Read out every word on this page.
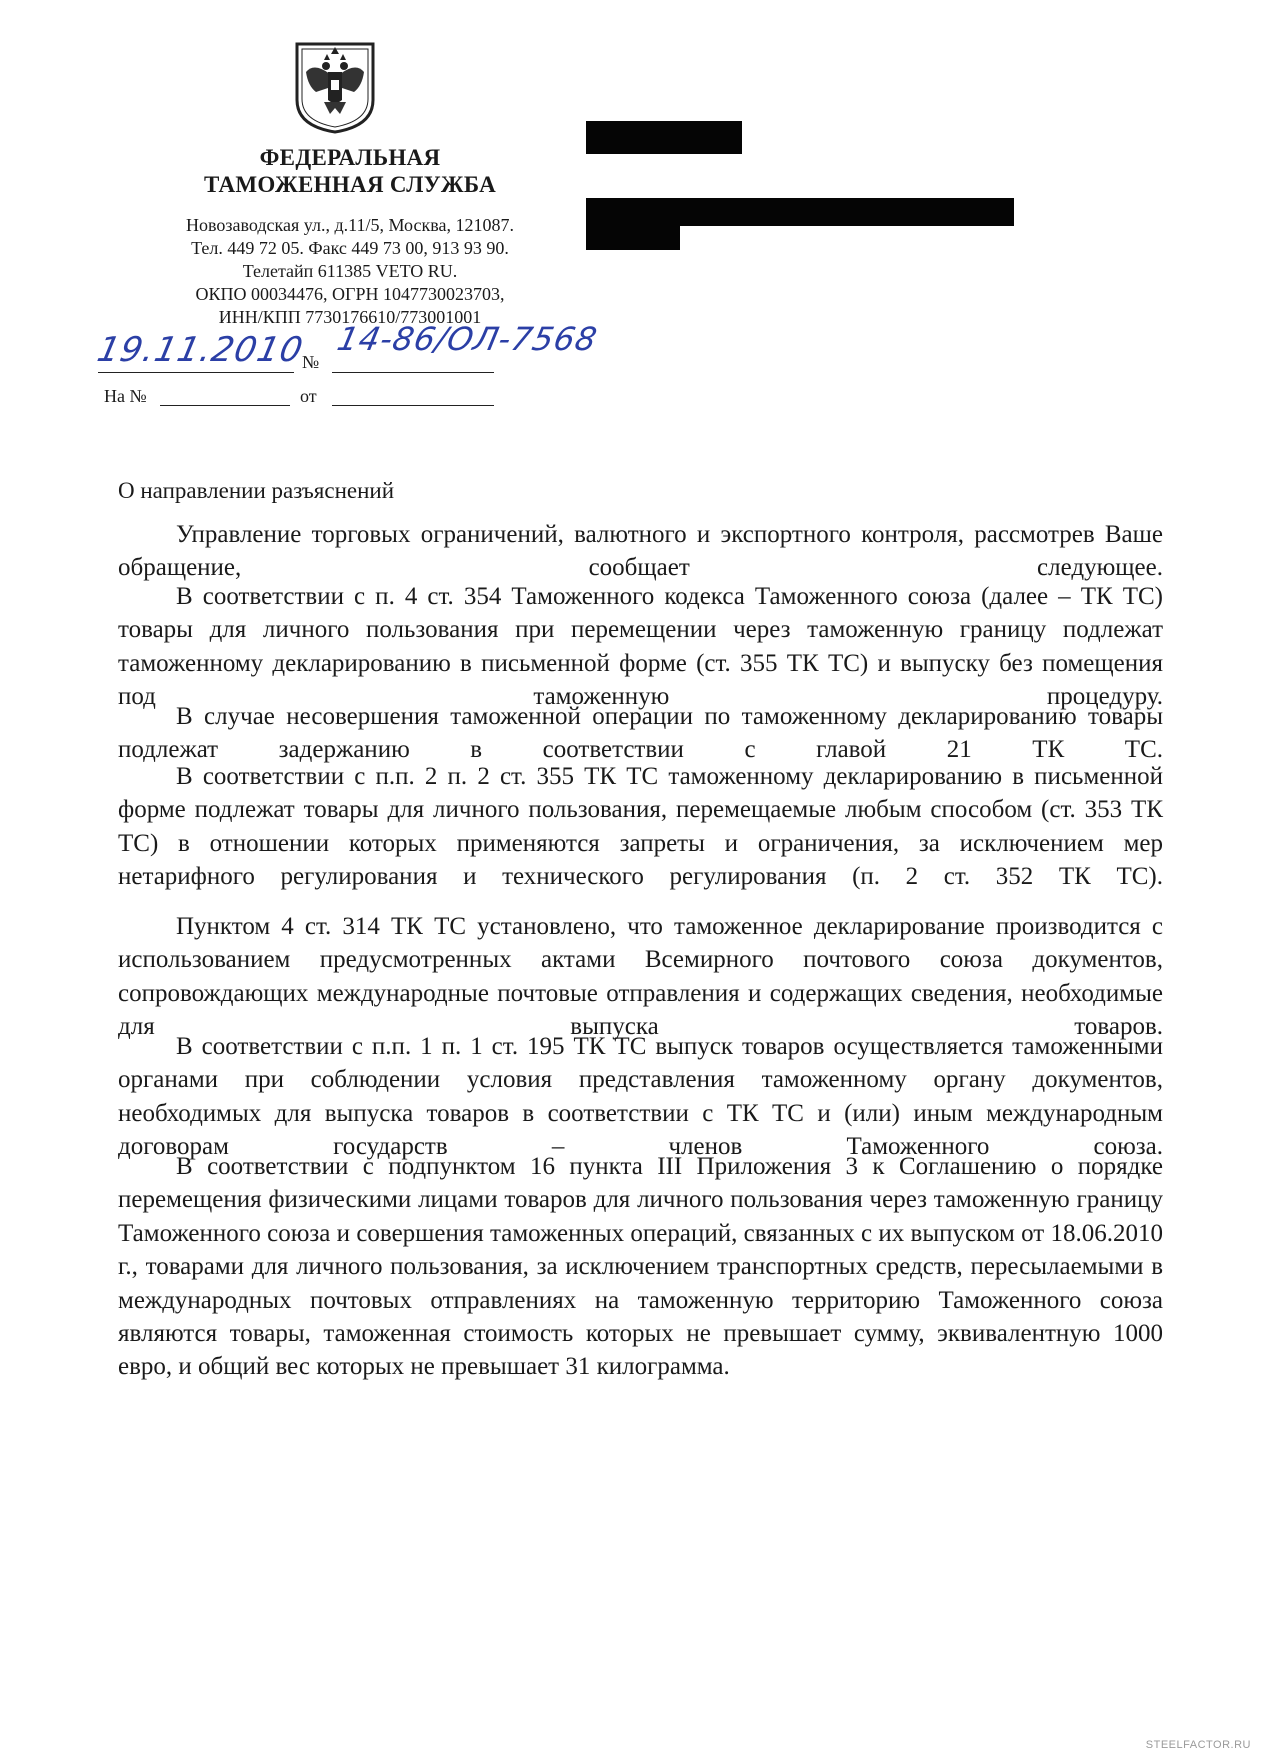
ФЕДЕРАЛЬНАЯ
ТАМОЖЕННАЯ СЛУЖБА
Новозаводская ул., д.11/5, Москва, 121087.
Тел. 449 72 05. Факс 449 73 00, 913 93 90.
Телетайп 611385 VETO RU.
ОКПО 00034476, ОГРН 1047730023703,
ИНН/КПП 7730176610/773001001
19.11.2010
№
14-86/ОЛ-7568
На №	от
О направлении разъяснений

Управление торговых ограничений, валютного и экспортного контроля, рассмотрев Ваше обращение, сообщает следующее.

В соответствии с п. 4 ст. 354 Таможенного кодекса Таможенного союза (далее – ТК ТС) товары для личного пользования при перемещении через таможенную границу подлежат таможенному декларированию в письменной форме (ст. 355 ТК ТС) и выпуску без помещения под таможенную процедуру.

В случае несовершения таможенной операции по таможенному декларированию товары подлежат задержанию в соответствии с главой 21 ТК ТС.

В соответствии с п.п. 2 п. 2 ст. 355 ТК ТС таможенному декларированию в письменной форме подлежат товары для личного пользования, перемещаемые любым способом (ст. 353 ТК ТС) в отношении которых применяются запреты и ограничения, за исключением мер нетарифного регулирования и технического регулирования (п. 2 ст. 352 ТК ТС).

Пунктом 4 ст. 314 ТК ТС установлено, что таможенное декларирование производится с использованием предусмотренных актами Всемирного почтового союза документов, сопровождающих международные почтовые отправления и содержащих сведения, необходимые для выпуска товаров.

В соответствии с п.п. 1 п. 1 ст. 195 ТК ТС выпуск товаров осуществляется таможенными органами при соблюдении условия представления таможенному органу документов, необходимых для выпуска товаров в соответствии с ТК ТС и (или) иным международным договорам государств – членов Таможенного союза.

В соответствии с подпунктом 16 пункта III Приложения 3 к Соглашению о порядке перемещения физическими лицами товаров для личного пользования через таможенную границу Таможенного союза и совершения таможенных операций, связанных с их выпуском от 18.06.2010 г., товарами для личного пользования, за исключением транспортных средств, пересылаемыми в международных почтовых отправлениях на таможенную территорию Таможенного союза являются товары, таможенная стоимость которых не превышает сумму, эквивалентную 1000 евро, и общий вес которых не превышает 31 килограмма.

STEELFACTOR.RU
